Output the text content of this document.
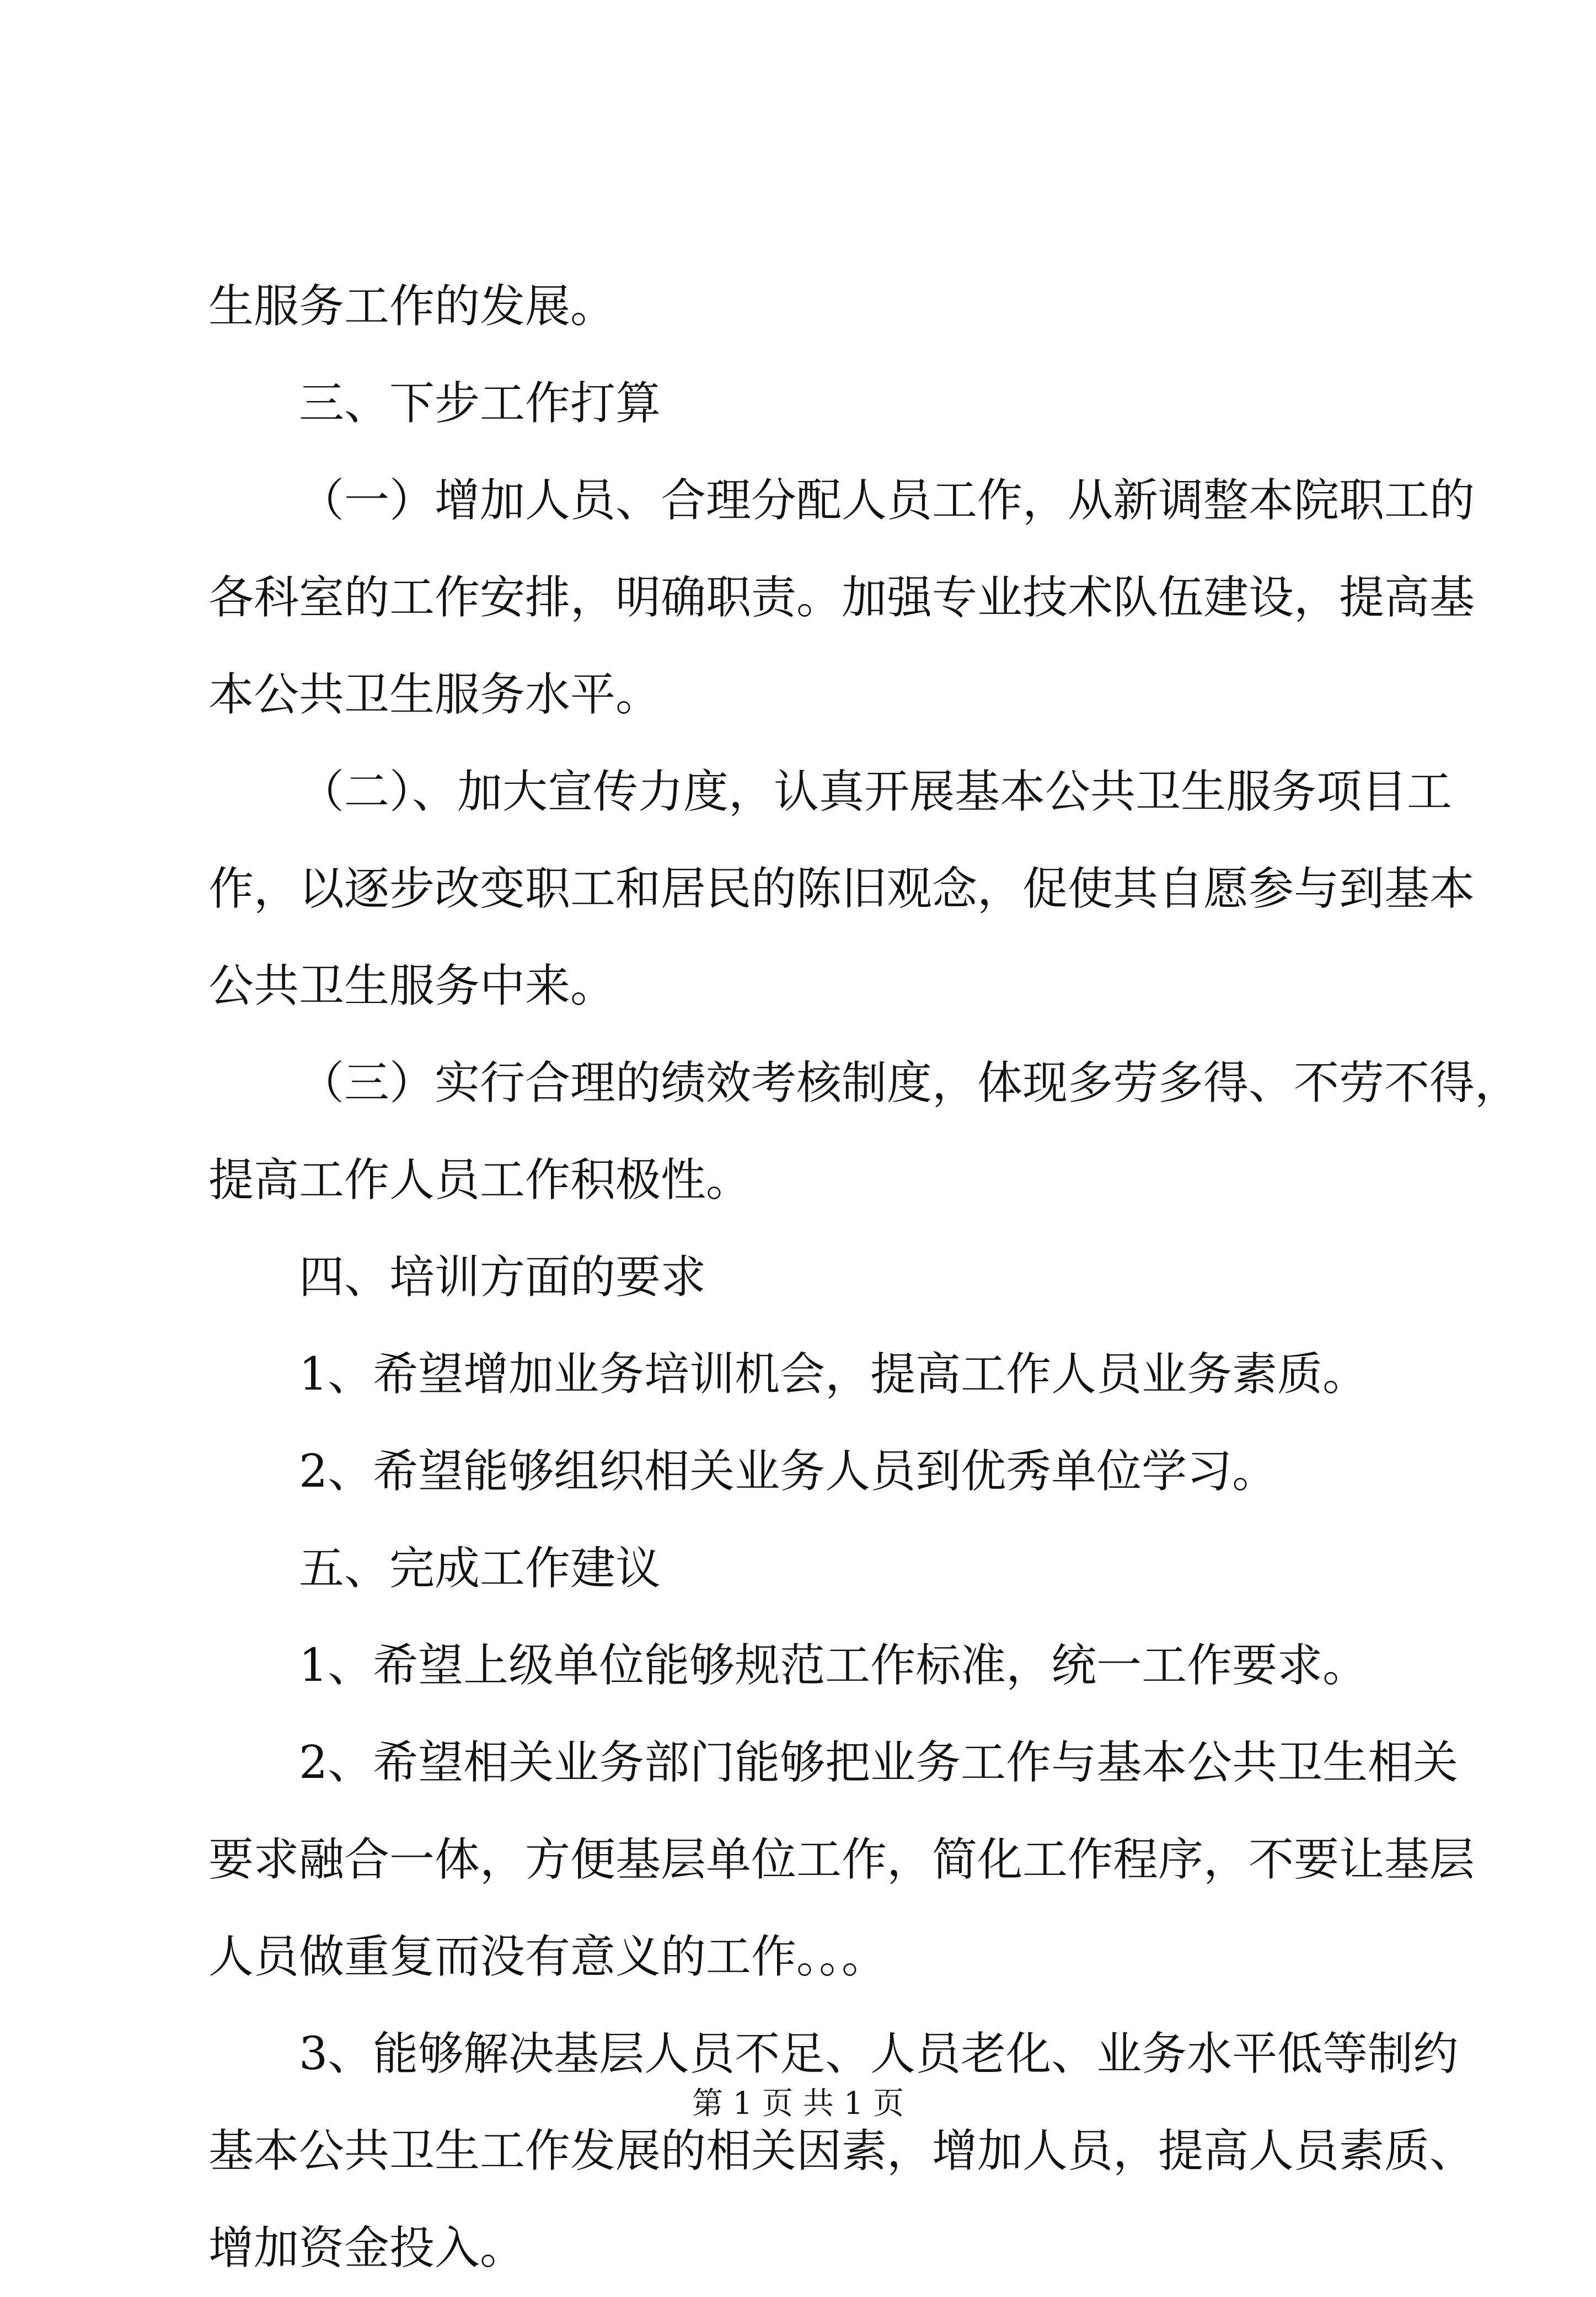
生服务工作的发展。
三、下步工作打算
（一）增加人员、合理分配人员工作，从新调整本院职工的
各科室的工作安排，明确职责。加强专业技术队伍建设，提高基
本公共卫生服务水平。
（二）、加大宣传力度，认真开展基本公共卫生服务项目工
作，以逐步改变职工和居民的陈旧观念，促使其自愿参与到基本
公共卫生服务中来。
（三）实行合理的绩效考核制度，体现多劳多得、不劳不得，
提高工作人员工作积极性。
四、培训方面的要求
1、希望增加业务培训机会，提高工作人员业务素质。
2、希望能够组织相关业务人员到优秀单位学习。
五、完成工作建议
1、希望上级单位能够规范工作标准，统一工作要求。
2、希望相关业务部门能够把业务工作与基本公共卫生相关
要求融合一体，方便基层单位工作，简化工作程序，不要让基层
人员做重复而没有意义的工作。。。
3、能够解决基层人员不足、人员老化、业务水平低等制约
基本公共卫生工作发展的相关因素，增加人员，提高人员素质、
增加资金投入。
第 1 页 共 1 页
